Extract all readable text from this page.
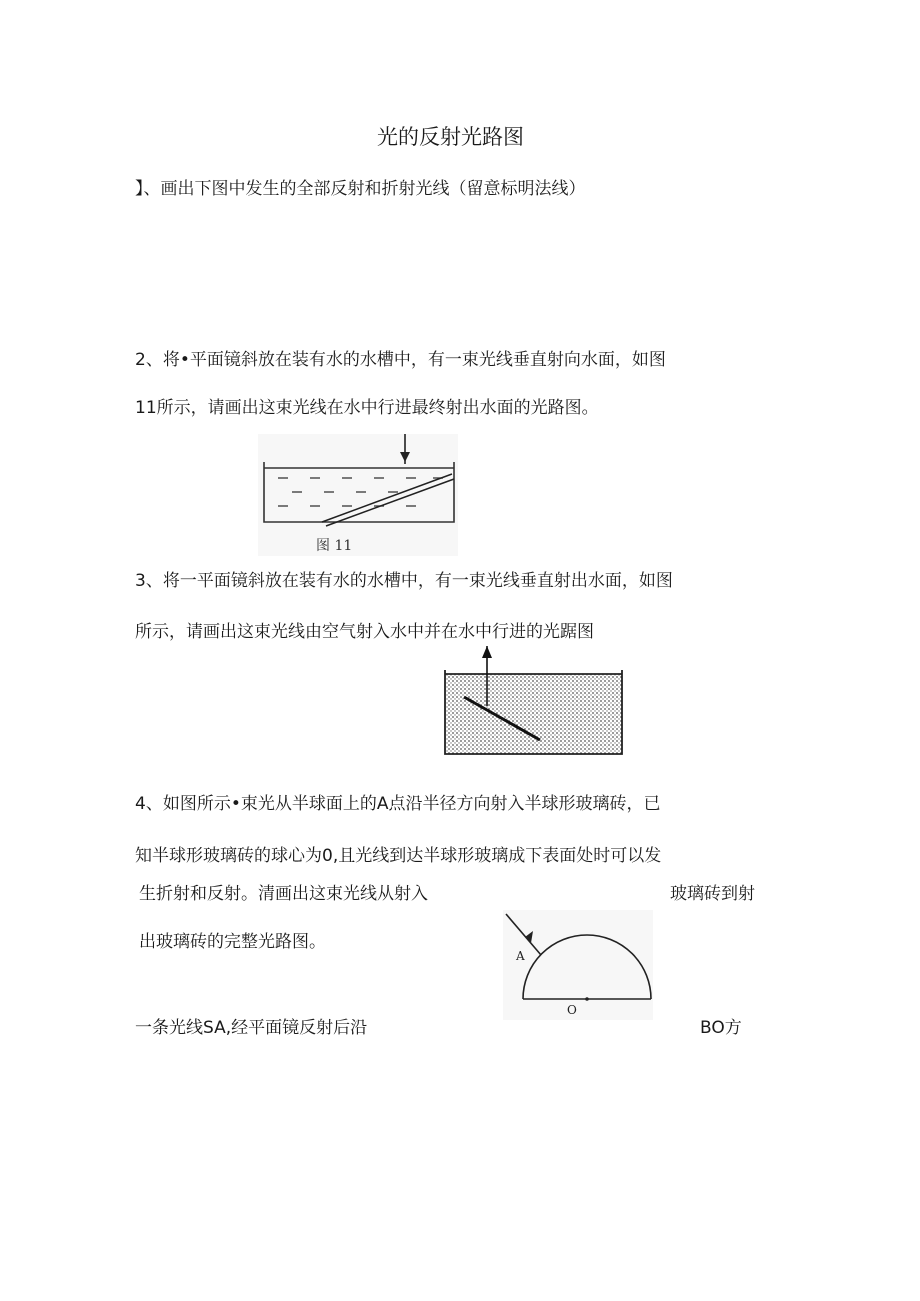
光的反射光路图
】、画出下图中发生的全部反射和折射光线（留意标明法线）
2、将•平面镜斜放在装有水的水槽中，有一束光线垂直射向水面，如图
11所示，请画出这束光线在水中行进最终射出水面的光路图。
图 11
3、将一平面镜斜放在装有水的水槽中，有一束光线垂直射出水面，如图
所示，请画出这束光线由空气射入水中并在水中行进的光踞图
4、如图所示•束光从半球面上的A点沿半径方向射入半球形玻璃砖，已
知半球形玻璃砖的球心为0,且光线到达半球形玻璃成下表面处时可以发
生折射和反射。清画出这束光线从射入	玻璃砖到射
出玻璃砖的完整光路图。
A
O
一条光线SA,经平面镜反射后沿	BO方
